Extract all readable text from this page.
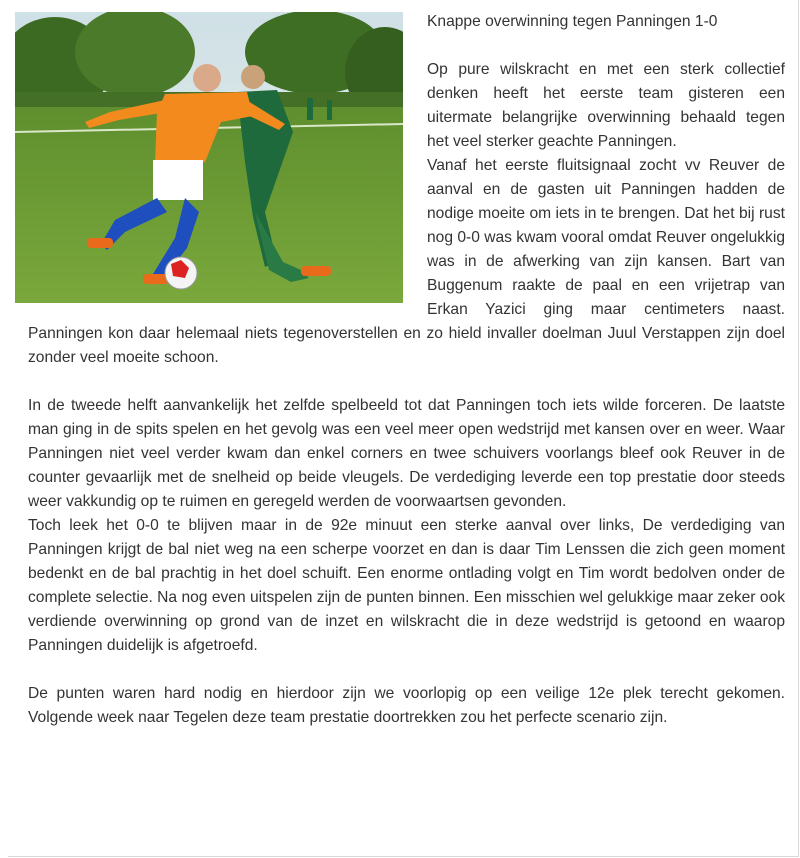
Knappe overwinning tegen Panningen 1-0

Op pure wilskracht en met een sterk collectief denken heeft het eerste team gisteren een uitermate belangrijke overwinning behaald tegen het veel sterker geachte Panningen.

Vanaf het eerste fluitsignaal zocht vv Reuver de aanval en de gasten uit Panningen hadden de nodige moeite om iets in te brengen. Dat het bij rust nog 0-0 was kwam vooral omdat Reuver ongelukkig was in de afwerking van zijn kansen. Bart van Buggenum raakte de paal en een vrijetrap van Erkan Yazici ging maar centimeters naast. Panningen kon daar helemaal niets tegenoverstellen en zo hield invaller doelman Juul Verstappen zijn doel zonder veel moeite schoon.

In de tweede helft aanvankelijk het zelfde spelbeeld tot dat Panningen toch iets wilde forceren. De laatste man ging in de spits spelen en het gevolg was een veel meer open wedstrijd met kansen over en weer. Waar Panningen niet veel verder kwam dan enkel corners en twee schuivers voorlangs bleef ook Reuver in de counter gevaarlijk met de snelheid op beide vleugels. De verdediging leverde een top prestatie door steeds weer vakkundig op te ruimen en geregeld werden de voorwaartsen gevonden.

Toch leek het 0-0 te blijven maar in de 92e minuut een sterke aanval over links, De verdediging van Panningen krijgt de bal niet weg na een scherpe voorzet en dan is daar Tim Lenssen die zich geen moment bedenkt en de bal prachtig in het doel schuift. Een enorme ontlading volgt en Tim wordt bedolven onder de complete selectie. Na nog even uitspelen zijn de punten binnen. Een misschien wel gelukkige maar zeker ook verdiende overwinning op grond van de inzet en wilskracht die in deze wedstrijd is getoond en waarop Panningen duidelijk is afgetroefd.

De punten waren hard nodig en hierdoor zijn we voorlopig op een veilige 12e plek terecht gekomen. Volgende week naar Tegelen deze team prestatie doortrekken zou het perfecte scenario zijn.
